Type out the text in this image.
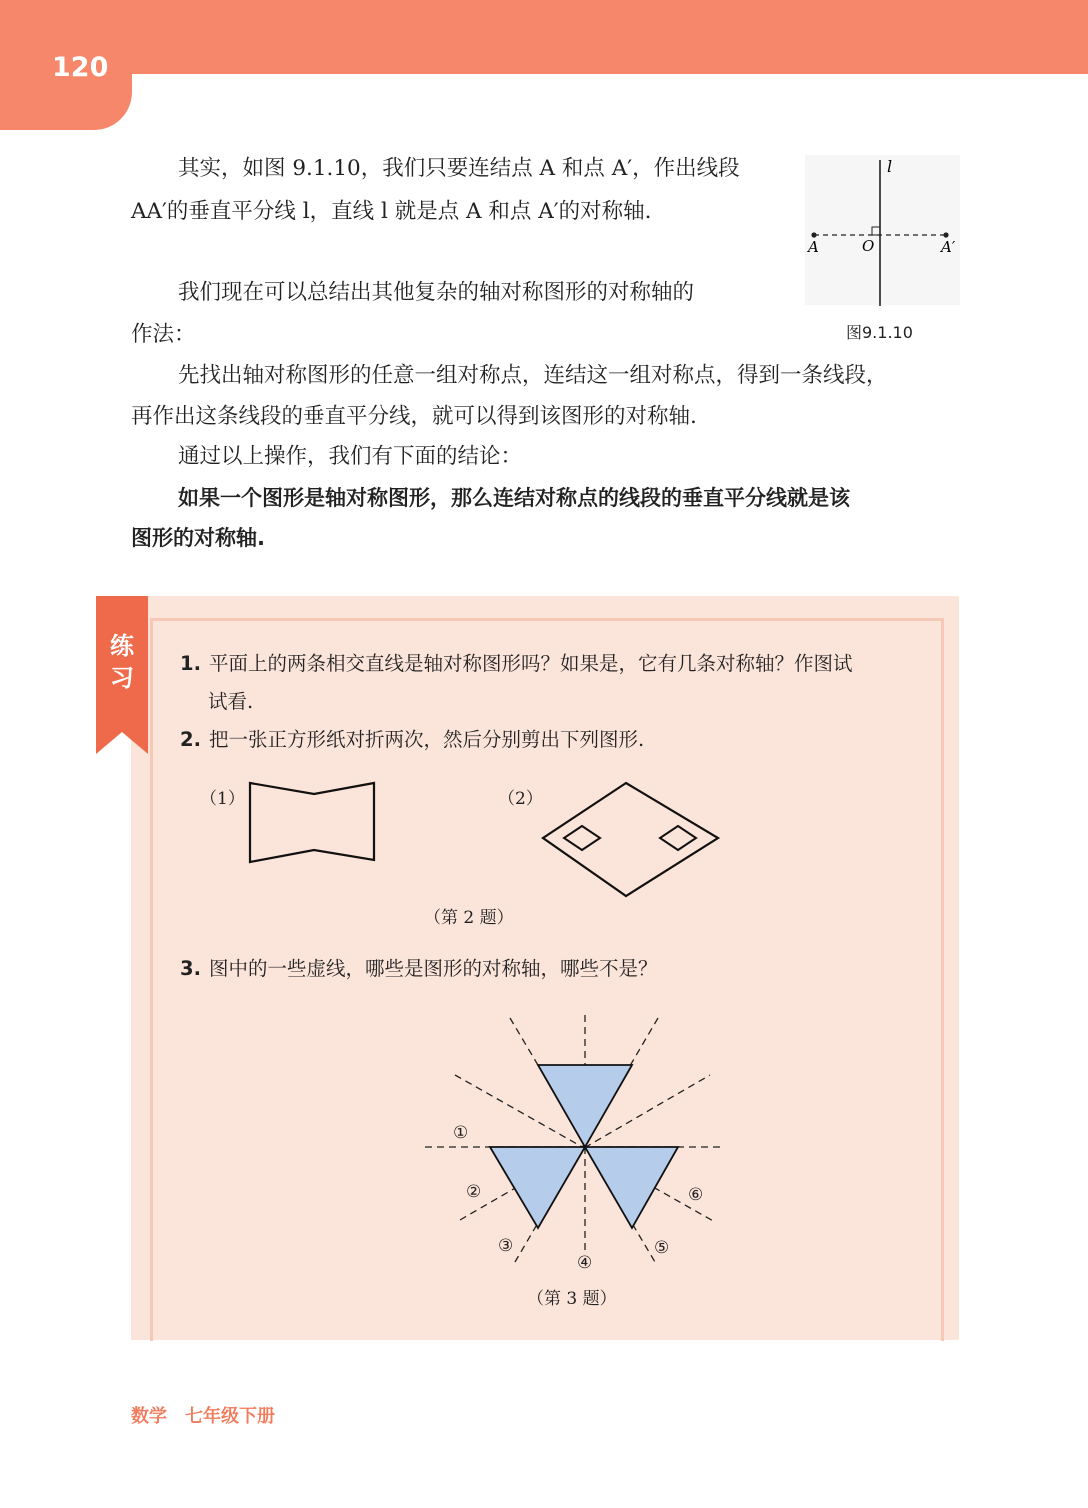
120

其实，如图 9.1.10，我们只要连结点 A 和点 A′，作出线段

AA′的垂直平分线 l，直线 l 就是点 A 和点 A′的对称轴.

我们现在可以总结出其他复杂的轴对称图形的对称轴的

作法：

先找出轴对称图形的任意一组对称点，连结这一组对称点，得到一条线段，

再作出这条线段的垂直平分线，就可以得到该图形的对称轴.

通过以上操作，我们有下面的结论：

如果一个图形是轴对称图形，那么连结对称点的线段的垂直平分线就是该

图形的对称轴.

l
A	O	A′
图9.1.10
练习
1. 平面上的两条相交直线是轴对称图形吗？如果是，它有几条对称轴？作图试
试看.
2. 把一张正方形纸对折两次，然后分别剪出下列图形.
（1）	（2）
（第 2 题）
3. 图中的一些虚线，哪些是图形的对称轴，哪些不是？
①
②
③
④
⑤
⑥
（第 3 题）
数学 七年级下册
